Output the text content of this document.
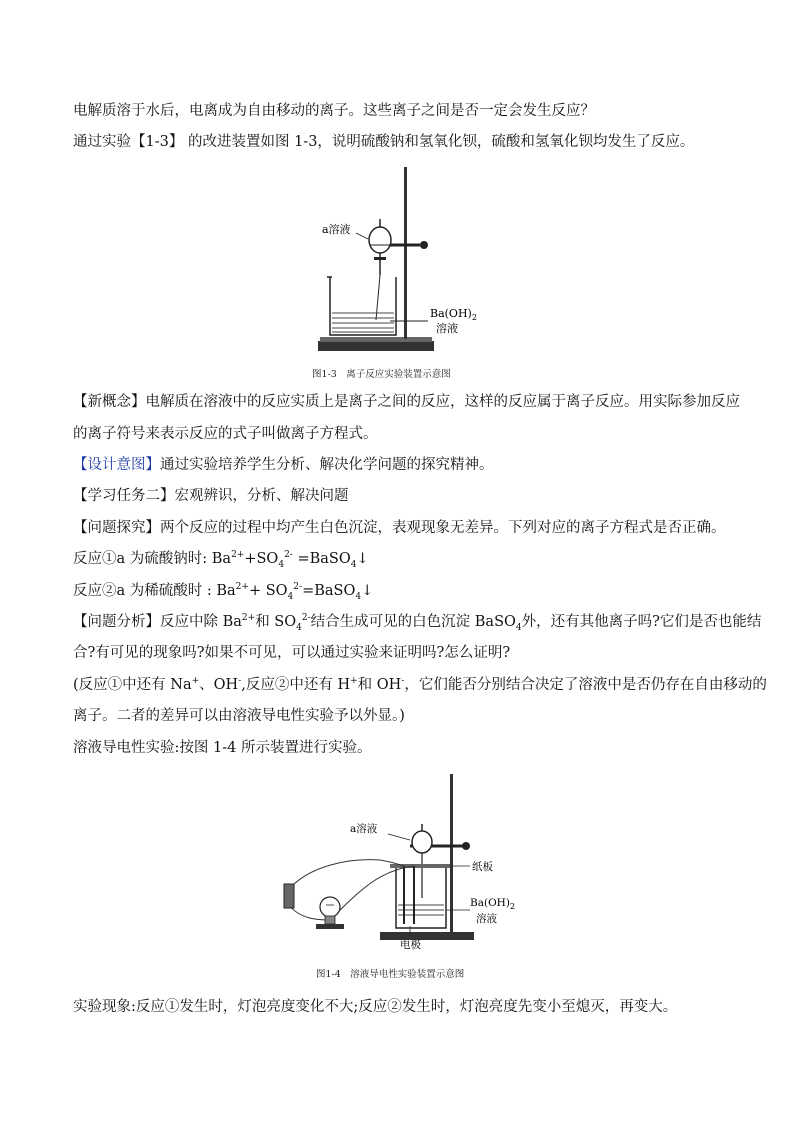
电解质溶于水后，电离成为自由移动的离子。这些离子之间是否一定会发生反应？
通过实验【1-3】 的改进装置如图 1-3，说明硫酸钠和氢氧化钡，硫酸和氢氧化钡均发生了反应。
a溶液
$Ba(OH)_2$
溶液
图1-3　离子反应实验装置示意图
【新概念】电解质在溶液中的反应实质上是离子之间的反应，这样的反应属于离子反应。用实际参加反应
的离子符号来表示反应的式子叫做离子方程式。
【设计意图】通过实验培养学生分析、解决化学问题的探究精神。
【学习任务二】宏观辨识，分析、解决问题
【问题探究】两个反应的过程中均产生白色沉淀，表观现象无差异。下列对应的离子方程式是否正确。
反应①a 为硫酸钠时: $Ba^{2+}+SO_4^{2-}$ =BaSO$_4$↓
反应②a 为稀硫酸时 : $Ba^{2+}+$ $SO_4^{2-}=BaSO_4↓$
【问题分析】反应中除 $Ba^{2+}$和 $SO_4^{2-}$结合生成可见的白色沉淀 BaSO$_4$外，还有其他离子吗?它们是否也能结
合?有可见的现象吗?如果不可见，可以通过实验来证明吗?怎么证明?
(反应①中还有 Na+、OH-,反应②中还有 H+和 OH-，它们能否分别结合决定了溶液中是否仍存在自由移动的
离子。二者的差异可以由溶液导电性实验予以外显。)
溶液导电性实验:按图 1-4 所示装置进行实验。
a溶液
纸板
$Ba(OH)_2$
溶液
电极
图1-4　溶液导电性实验装置示意图
实验现象:反应①发生时，灯泡亮度变化不大;反应②发生时，灯泡亮度先变小至熄灭，再变大。
